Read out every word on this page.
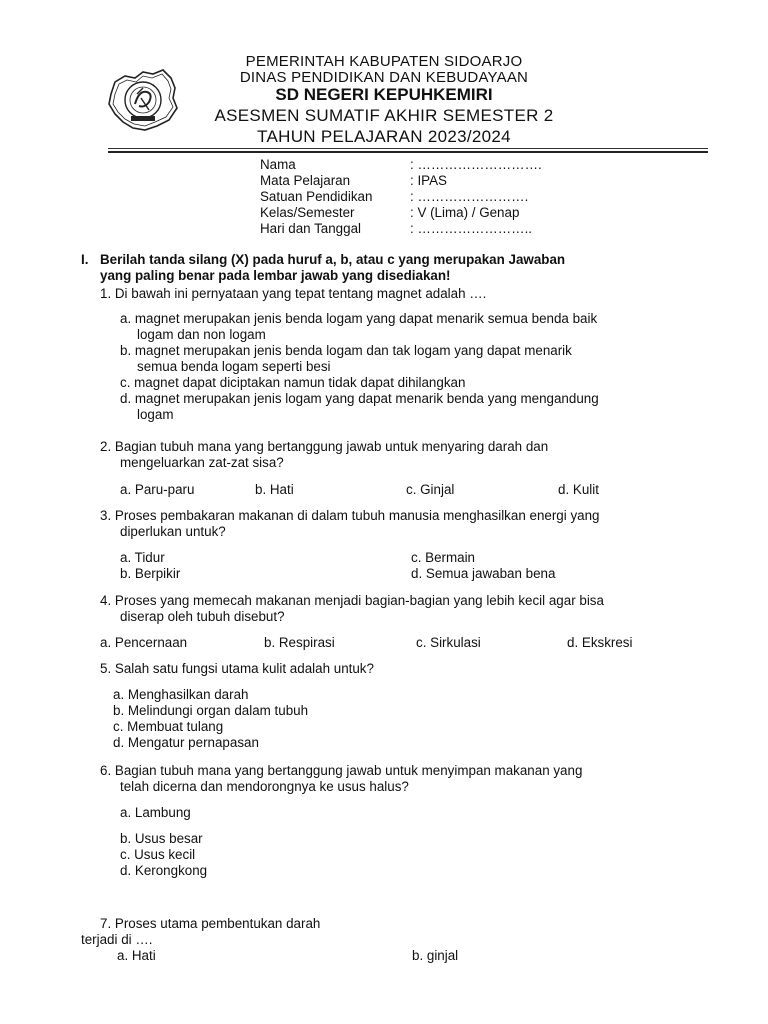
PEMERINTAH KABUPATEN SIDOARJO
DINAS PENDIDIKAN DAN KEBUDAYAAN
SD NEGERI KEPUHKEMIRI
ASESMEN SUMATIF AKHIR SEMESTER 2
TAHUN PELAJARAN 2023/2024
Nama	: ……………………….
Mata Pelajaran	: IPAS
Satuan Pendidikan	: …………………….
Kelas/Semester	: V (Lima) / Genap
Hari dan Tanggal	: ……………………..
I. Berilah tanda silang (X) pada huruf a, b, atau c yang merupakan Jawaban
yang paling benar pada lembar jawab yang disediakan!
1. Di bawah ini pernyataan yang tepat tentang magnet adalah ….
a. magnet merupakan jenis benda logam yang dapat menarik semua benda baik
logam dan non logam
b. magnet merupakan jenis benda logam dan tak logam yang dapat menarik
semua benda logam seperti besi
c. magnet dapat diciptakan namun tidak dapat dihilangkan
d. magnet merupakan jenis logam yang dapat menarik benda yang mengandung
logam
2. Bagian tubuh mana yang bertanggung jawab untuk menyaring darah dan
mengeluarkan zat-zat sisa?
a. Paru-paru	b. Hati	c. Ginjal	d. Kulit
3. Proses pembakaran makanan di dalam tubuh manusia menghasilkan energi yang
diperlukan untuk?
a. Tidur
b. Berpikir
c. Bermain
d. Semua jawaban bena
4. Proses yang memecah makanan menjadi bagian-bagian yang lebih kecil agar bisa
diserap oleh tubuh disebut?
a. Pencernaan	b. Respirasi	c. Sirkulasi	d. Ekskresi
5. Salah satu fungsi utama kulit adalah untuk?
a. Menghasilkan darah
b. Melindungi organ dalam tubuh
c. Membuat tulang
d. Mengatur pernapasan
6. Bagian tubuh mana yang bertanggung jawab untuk menyimpan makanan yang
telah dicerna dan mendorongnya ke usus halus?
a. Lambung
b. Usus besar
c. Usus kecil
d. Kerongkong
7. Proses utama pembentukan darah
terjadi di ….
a. Hati	b. ginjal
